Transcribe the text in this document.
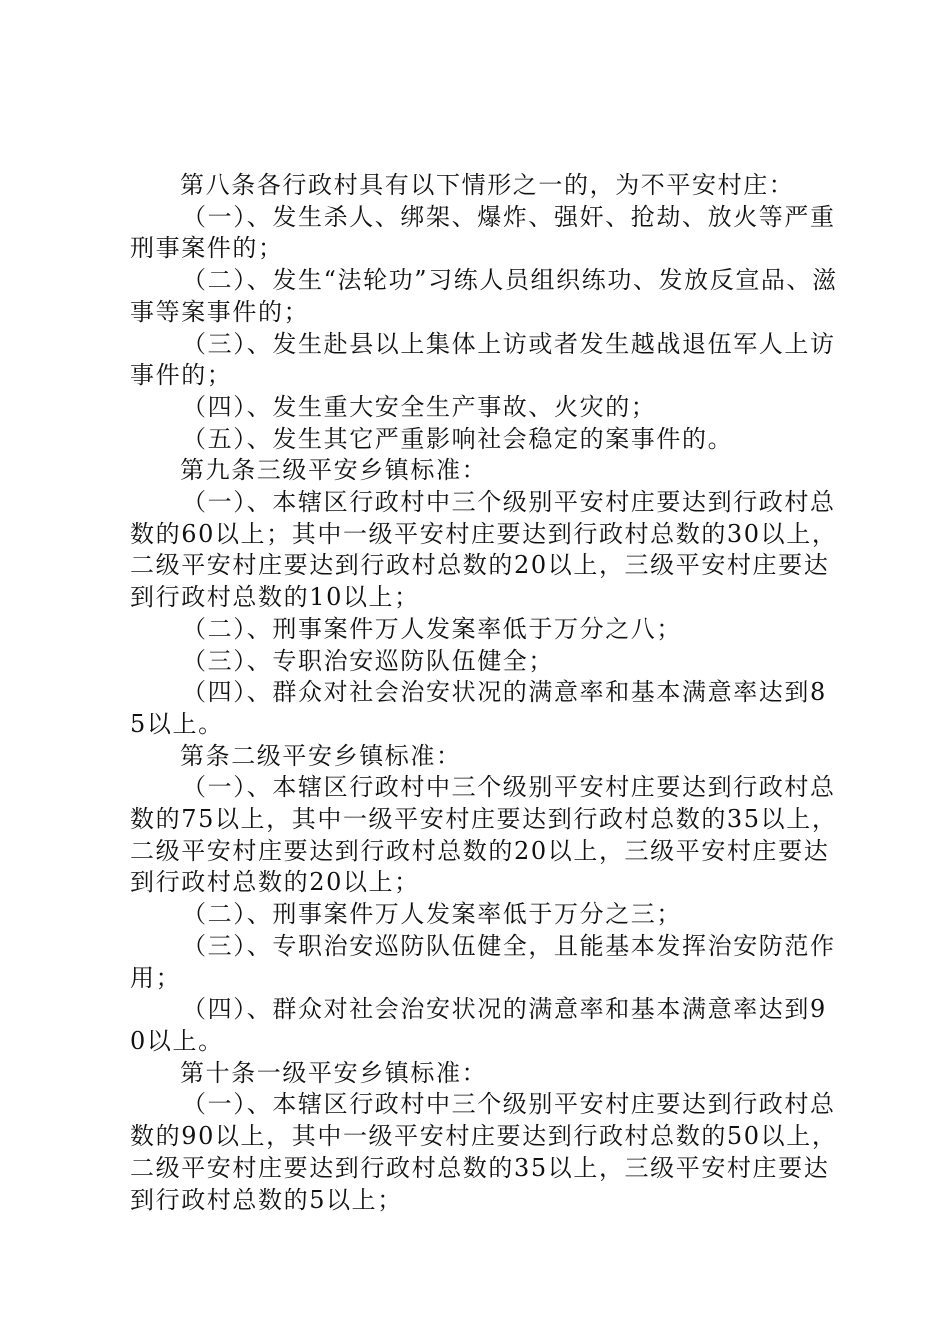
第八条各行政村具有以下情形之一的，为不平安村庄：

（一）、发生杀人、绑架、爆炸、强奸、抢劫、放火等严重刑事案件的；

（二）、发生“法轮功”习练人员组织练功、发放反宣品、滋事等案事件的；

（三）、发生赴县以上集体上访或者发生越战退伍军人上访事件的；

（四）、发生重大安全生产事故、火灾的；

（五）、发生其它严重影响社会稳定的案事件的。

第九条三级平安乡镇标准：

（一）、本辖区行政村中三个级别平安村庄要达到行政村总数的60以上；其中一级平安村庄要达到行政村总数的30以上，二级平安村庄要达到行政村总数的20以上，三级平安村庄要达到行政村总数的10以上；

（二）、刑事案件万人发案率低于万分之八；

（三）、专职治安巡防队伍健全；

（四）、群众对社会治安状况的满意率和基本满意率达到85以上。

第条二级平安乡镇标准：

（一）、本辖区行政村中三个级别平安村庄要达到行政村总数的75以上，其中一级平安村庄要达到行政村总数的35以上，二级平安村庄要达到行政村总数的20以上，三级平安村庄要达到行政村总数的20以上；

（二）、刑事案件万人发案率低于万分之三；

（三）、专职治安巡防队伍健全，且能基本发挥治安防范作用；

（四）、群众对社会治安状况的满意率和基本满意率达到90以上。

第十条一级平安乡镇标准：

（一）、本辖区行政村中三个级别平安村庄要达到行政村总数的90以上，其中一级平安村庄要达到行政村总数的50以上，二级平安村庄要达到行政村总数的35以上，三级平安村庄要达到行政村总数的5以上；
